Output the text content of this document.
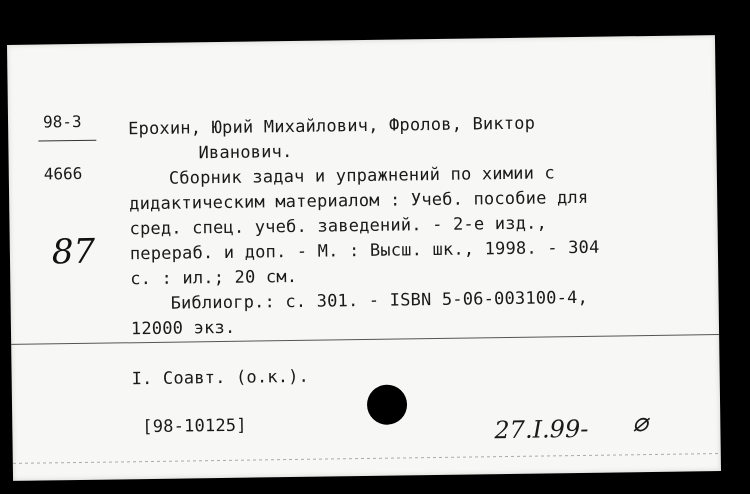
98-3
4666
87
Ерохин, Юрий Михайлович, Фролов, Виктор
Иванович.
Сборник задач и упражнений по химии с
дидактическим материалом : Учеб. пособие для
сред. спец. учеб. заведений. - 2-е изд.,
перераб. и доп. - М. : Высш. шк., 1998. - 304
с. : ил.; 20 см.
Библиогр.: с. 301. - ISBN 5-06-003100-4,
12000 экз.
I. Соавт. (о.к.).
[98-10125]	27.I.99- ⌀
